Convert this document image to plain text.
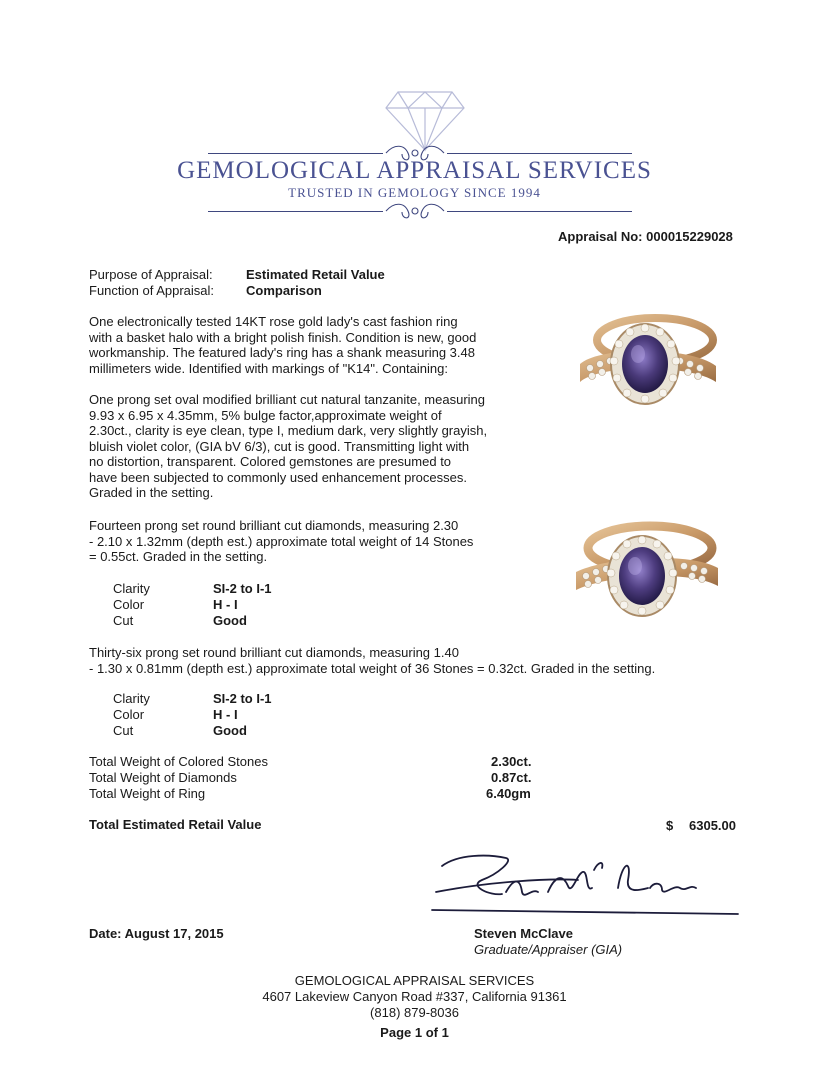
GEMOLOGICAL APPRAISAL SERVICES
TRUSTED IN GEMOLOGY SINCE 1994
Appraisal No: 000015229028
Purpose of Appraisal:	Estimated Retail Value
Function of Appraisal: Comparison
One electronically tested 14KT rose gold lady's cast fashion ring
with a basket halo with a bright polish finish. Condition is new, good
workmanship. The featured lady's ring has a shank measuring 3.48
millimeters wide. Identified with markings of "K14". Containing:
One prong set oval modified brilliant cut natural tanzanite, measuring
9.93 x 6.95 x 4.35mm, 5% bulge factor,approximate weight of
2.30ct., clarity is eye clean, type I, medium dark, very slightly grayish,
bluish violet color, (GIA bV 6/3), cut is good. Transmitting light with
no distortion, transparent. Colored gemstones are presumed to
have been subjected to commonly used enhancement processes.
Graded in the setting.
Fourteen prong set round brilliant cut diamonds, measuring 2.30
- 2.10 x 1.32mm (depth est.) approximate total weight of 14 Stones
= 0.55ct. Graded in the setting.
Clarity	SI-2 to I-1
Color	H - I
Cut	Good
Thirty-six prong set round brilliant cut diamonds, measuring 1.40
- 1.30 x 0.81mm (depth est.) approximate total weight of 36 Stones = 0.32ct. Graded in the setting.
Clarity	SI-2 to I-1
Color	H - I
Cut	Good
Total Weight of Colored Stones	2.30ct.
Total Weight of Diamonds	0.87ct.
Total Weight of Ring	6.40gm
Total Estimated Retail Value	$ 6305.00
Date: August 17, 2015	Steven McClave
Graduate/Appraiser (GIA)
GEMOLOGICAL APPRAISAL SERVICES
4607 Lakeview Canyon Road #337, California 91361
(818) 879-8036
Page 1 of 1
